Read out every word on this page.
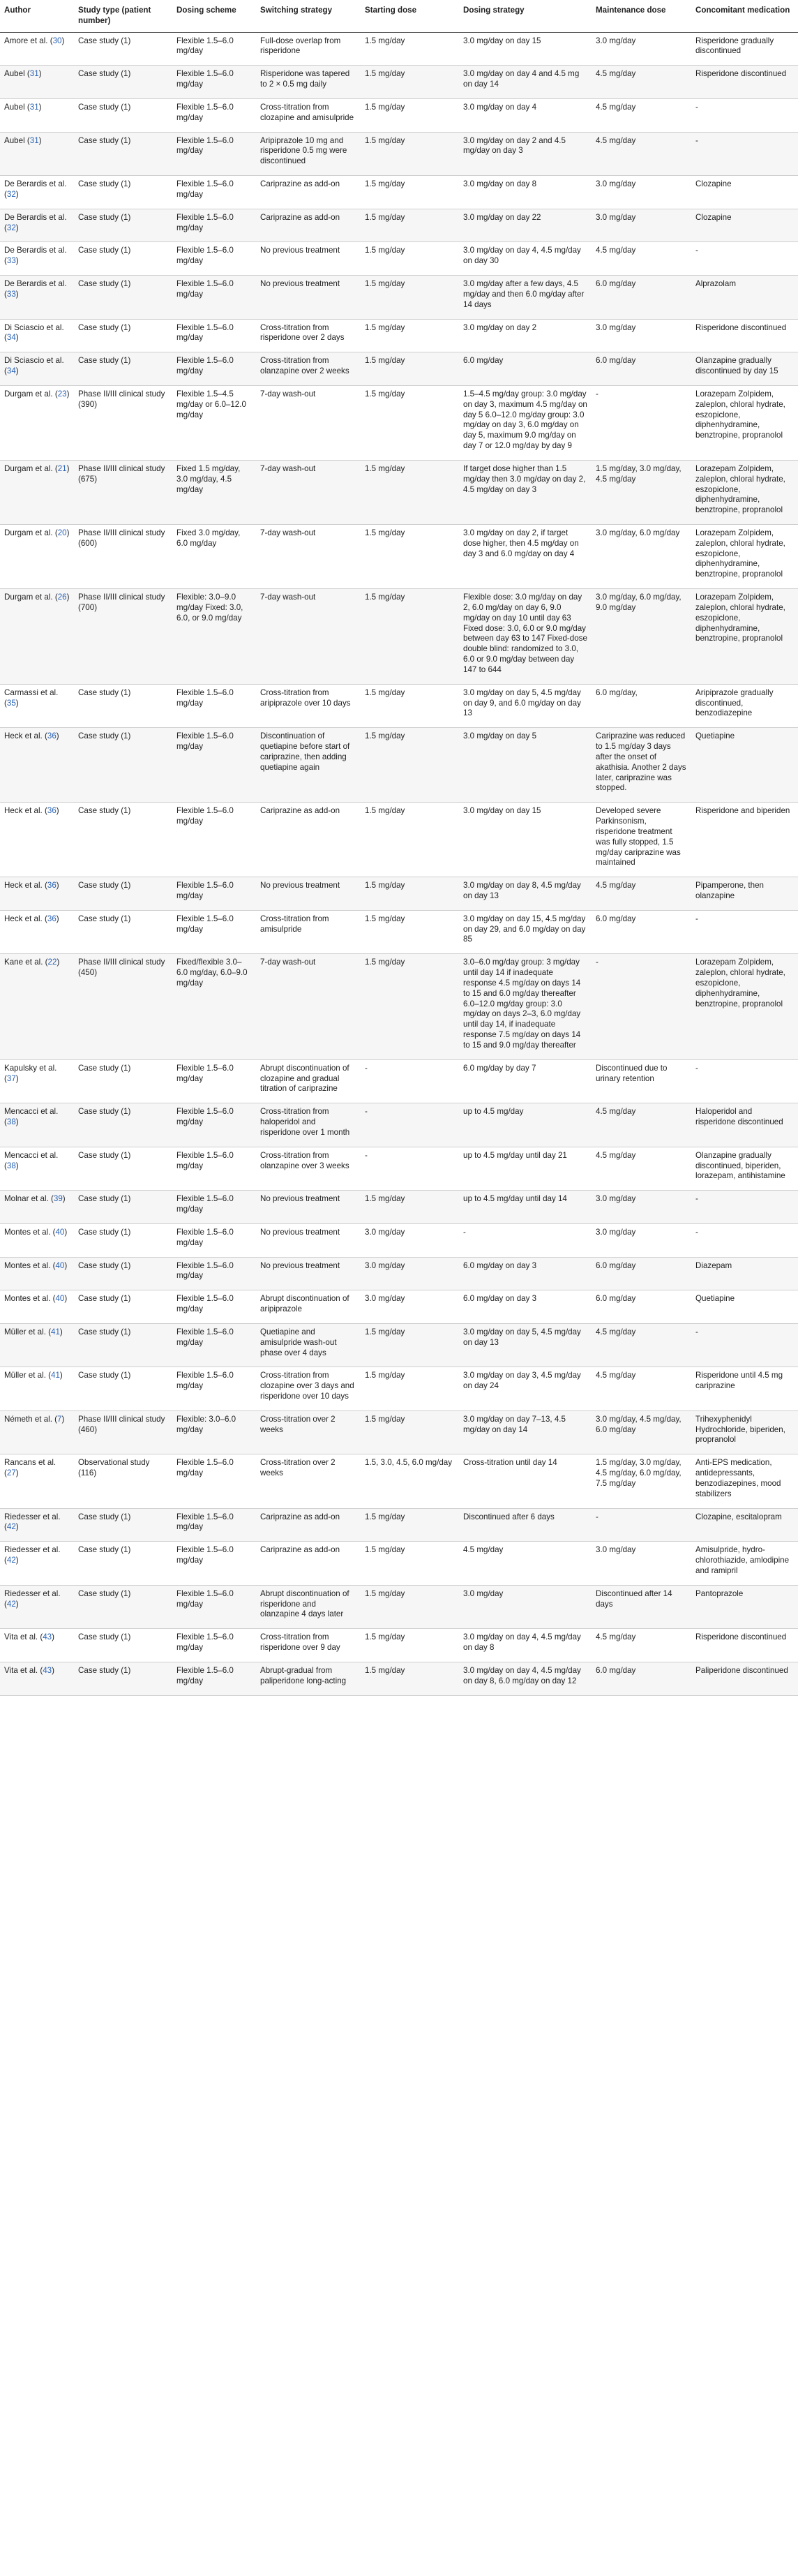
Author	Study type (patient number)	Dosing scheme	Switching strategy	Starting dose	Dosing strategy	Maintenance dose	Concomitant medication
Amore et al. (30)	Case study (1)	Flexible 1.5–6.0 mg/day	Full-dose overlap from risperidone	1.5 mg/day	3.0 mg/day on day 15	3.0 mg/day	Risperidone gradually discontinued
Aubel (31)	Case study (1)	Flexible 1.5–6.0 mg/day	Risperidone was tapered to 2 × 0.5 mg daily	1.5 mg/day	3.0 mg/day on day 4 and 4.5 mg on day 14	4.5 mg/day	Risperidone discontinued
Aubel (31)	Case study (1)	Flexible 1.5–6.0 mg/day	Cross-titration from clozapine and amisulpride	1.5 mg/day	3.0 mg/day on day 4	4.5 mg/day	-
Aubel (31)	Case study (1)	Flexible 1.5–6.0 mg/day	Aripiprazole 10 mg and risperidone 0.5 mg were discontinued	1.5 mg/day	3.0 mg/day on day 2 and 4.5 mg/day on day 3	4.5 mg/day	-
De Berardis et al. (32)	Case study (1)	Flexible 1.5–6.0 mg/day	Cariprazine as add-on	1.5 mg/day	3.0 mg/day on day 8	3.0 mg/day	Clozapine
De Berardis et al. (32)	Case study (1)	Flexible 1.5–6.0 mg/day	Cariprazine as add-on	1.5 mg/day	3.0 mg/day on day 22	3.0 mg/day	Clozapine
De Berardis et al. (33)	Case study (1)	Flexible 1.5–6.0 mg/day	No previous treatment	1.5 mg/day	3.0 mg/day on day 4, 4.5 mg/day on day 30	4.5 mg/day	-
De Berardis et al. (33)	Case study (1)	Flexible 1.5–6.0 mg/day	No previous treatment	1.5 mg/day	3.0 mg/day after a few days, 4.5 mg/day and then 6.0 mg/day after 14 days	6.0 mg/day	Alprazolam
Di Sciascio et al. (34)	Case study (1)	Flexible 1.5–6.0 mg/day	Cross-titration from risperidone over 2 days	1.5 mg/day	3.0 mg/day on day 2	3.0 mg/day	Risperidone discontinued
Di Sciascio et al. (34)	Case study (1)	Flexible 1.5–6.0 mg/day	Cross-titration from olanzapine over 2 weeks	1.5 mg/day	6.0 mg/day	6.0 mg/day	Olanzapine gradually discontinued by day 15
Durgam et al. (23)	Phase II/III clinical study (390)	Flexible 1.5–4.5 mg/day or 6.0–12.0 mg/day	7-day wash-out	1.5 mg/day	1.5–4.5 mg/day group: 3.0 mg/day on day 3, maximum 4.5 mg/day on day 5 6.0–12.0 mg/day group: 3.0 mg/day on day 3, 6.0 mg/day on day 5, maximum 9.0 mg/day on day 7 or 12.0 mg/day by day 9	-	Lorazepam Zolpidem, zaleplon, chloral hydrate, eszopiclone, diphenhydramine, benztropine, propranolol
Durgam et al. (21)	Phase II/III clinical study (675)	Fixed 1.5 mg/day, 3.0 mg/day, 4.5 mg/day	7-day wash-out	1.5 mg/day	If target dose higher than 1.5 mg/day then 3.0 mg/day on day 2, 4.5 mg/day on day 3	1.5 mg/day, 3.0 mg/day, 4.5 mg/day	Lorazepam Zolpidem, zaleplon, chloral hydrate, eszopiclone, diphenhydramine, benztropine, propranolol
Durgam et al. (20)	Phase II/III clinical study (600)	Fixed 3.0 mg/day, 6.0 mg/day	7-day wash-out	1.5 mg/day	3.0 mg/day on day 2, if target dose higher, then 4.5 mg/day on day 3 and 6.0 mg/day on day 4	3.0 mg/day, 6.0 mg/day	Lorazepam Zolpidem, zaleplon, chloral hydrate, eszopiclone, diphenhydramine, benztropine, propranolol
Durgam et al. (26)	Phase II/III clinical study (700)	Flexible: 3.0–9.0 mg/day Fixed: 3.0, 6.0, or 9.0 mg/day	7-day wash-out	1.5 mg/day	Flexible dose: 3.0 mg/day on day 2, 6.0 mg/day on day 6, 9.0 mg/day on day 10 until day 63 Fixed dose: 3.0, 6.0 or 9.0 mg/day between day 63 to 147 Fixed-dose double blind: randomized to 3.0, 6.0 or 9.0 mg/day between day 147 to 644	3.0 mg/day, 6.0 mg/day, 9.0 mg/day	Lorazepam Zolpidem, zaleplon, chloral hydrate, eszopiclone, diphenhydramine, benztropine, propranolol
Carmassi et al. (35)	Case study (1)	Flexible 1.5–6.0 mg/day	Cross-titration from aripiprazole over 10 days	1.5 mg/day	3.0 mg/day on day 5, 4.5 mg/day on day 9, and 6.0 mg/day on day 13	6.0 mg/day,	Aripiprazole gradually discontinued, benzodiazepine
Heck et al. (36)	Case study (1)	Flexible 1.5–6.0 mg/day	Discontinuation of quetiapine before start of cariprazine, then adding quetiapine again	1.5 mg/day	3.0 mg/day on day 5	Cariprazine was reduced to 1.5 mg/day 3 days after the onset of akathisia. Another 2 days later, cariprazine was stopped.	Quetiapine
Heck et al. (36)	Case study (1)	Flexible 1.5–6.0 mg/day	Cariprazine as add-on	1.5 mg/day	3.0 mg/day on day 15	Developed severe Parkinsonism, risperidone treatment was fully stopped, 1.5 mg/day cariprazine was maintained	Risperidone and biperiden
Heck et al. (36)	Case study (1)	Flexible 1.5–6.0 mg/day	No previous treatment	1.5 mg/day	3.0 mg/day on day 8, 4.5 mg/day on day 13	4.5 mg/day	Pipamperone, then olanzapine
Heck et al. (36)	Case study (1)	Flexible 1.5–6.0 mg/day	Cross-titration from amisulpride	1.5 mg/day	3.0 mg/day on day 15, 4.5 mg/day on day 29, and 6.0 mg/day on day 85	6.0 mg/day	-
Kane et al. (22)	Phase II/III clinical study (450)	Fixed/flexible 3.0–6.0 mg/day, 6.0–9.0 mg/day	7-day wash-out	1.5 mg/day	3.0–6.0 mg/day group: 3 mg/day until day 14 if inadequate response 4.5 mg/day on days 14 to 15 and 6.0 mg/day thereafter 6.0–12.0 mg/day group: 3.0 mg/day on days 2–3, 6.0 mg/day until day 14, if inadequate response 7.5 mg/day on days 14 to 15 and 9.0 mg/day thereafter	-	Lorazepam Zolpidem, zaleplon, chloral hydrate, eszopiclone, diphenhydramine, benztropine, propranolol
Kapulsky et al. (37)	Case study (1)	Flexible 1.5–6.0 mg/day	Abrupt discontinuation of clozapine and gradual titration of cariprazine	-	6.0 mg/day by day 7	Discontinued due to urinary retention	-
Mencacci et al. (38)	Case study (1)	Flexible 1.5–6.0 mg/day	Cross-titration from haloperidol and risperidone over 1 month	-	up to 4.5 mg/day	4.5 mg/day	Haloperidol and risperidone discontinued
Mencacci et al. (38)	Case study (1)	Flexible 1.5–6.0 mg/day	Cross-titration from olanzapine over 3 weeks	-	up to 4.5 mg/day until day 21	4.5 mg/day	Olanzapine gradually discontinued, biperiden, lorazepam, antihistamine
Molnar et al. (39)	Case study (1)	Flexible 1.5–6.0 mg/day	No previous treatment	1.5 mg/day	up to 4.5 mg/day until day 14	3.0 mg/day	-
Montes et al. (40)	Case study (1)	Flexible 1.5–6.0 mg/day	No previous treatment	3.0 mg/day	-	3.0 mg/day	-
Montes et al. (40)	Case study (1)	Flexible 1.5–6.0 mg/day	No previous treatment	3.0 mg/day	6.0 mg/day on day 3	6.0 mg/day	Diazepam
Montes et al. (40)	Case study (1)	Flexible 1.5–6.0 mg/day	Abrupt discontinuation of aripiprazole	3.0 mg/day	6.0 mg/day on day 3	6.0 mg/day	Quetiapine
Müller et al. (41)	Case study (1)	Flexible 1.5–6.0 mg/day	Quetiapine and amisulpride wash-out phase over 4 days	1.5 mg/day	3.0 mg/day on day 5, 4.5 mg/day on day 13	4.5 mg/day	-
Müller et al. (41)	Case study (1)	Flexible 1.5–6.0 mg/day	Cross-titration from clozapine over 3 days and risperidone over 10 days	1.5 mg/day	3.0 mg/day on day 3, 4.5 mg/day on day 24	4.5 mg/day	Risperidone until 4.5 mg cariprazine
Németh et al. (7)	Phase II/III clinical study (460)	Flexible: 3.0–6.0 mg/day	Cross-titration over 2 weeks	1.5 mg/day	3.0 mg/day on day 7–13, 4.5 mg/day on day 14	3.0 mg/day, 4.5 mg/day, 6.0 mg/day	Trihexyphenidyl Hydrochloride, biperiden, propranolol
Rancans et al. (27)	Observational study (116)	Flexible 1.5–6.0 mg/day	Cross-titration over 2 weeks	1.5, 3.0, 4.5, 6.0 mg/day	Cross-titration until day 14	1.5 mg/day, 3.0 mg/day, 4.5 mg/day, 6.0 mg/day, 7.5 mg/day	Anti-EPS medication, antidepressants, benzodiazepines, mood stabilizers
Riedesser et al. (42)	Case study (1)	Flexible 1.5–6.0 mg/day	Cariprazine as add-on	1.5 mg/day	Discontinued after 6 days	-	Clozapine, escitalopram
Riedesser et al. (42)	Case study (1)	Flexible 1.5–6.0 mg/day	Cariprazine as add-on	1.5 mg/day	4.5 mg/day	3.0 mg/day	Amisulpride, hydro-chlorothiazide, amlodipine and ramipril
Riedesser et al. (42)	Case study (1)	Flexible 1.5–6.0 mg/day	Abrupt discontinuation of risperidone and olanzapine 4 days later	1.5 mg/day	3.0 mg/day	Discontinued after 14 days	Pantoprazole
Vita et al. (43)	Case study (1)	Flexible 1.5–6.0 mg/day	Cross-titration from risperidone over 9 day	1.5 mg/day	3.0 mg/day on day 4, 4.5 mg/day on day 8	4.5 mg/day	Risperidone discontinued
Vita et al. (43)	Case study (1)	Flexible 1.5–6.0 mg/day	Abrupt-gradual from paliperidone long-acting	1.5 mg/day	3.0 mg/day on day 4, 4.5 mg/day on day 8, 6.0 mg/day on day 12	6.0 mg/day	Paliperidone discontinued
